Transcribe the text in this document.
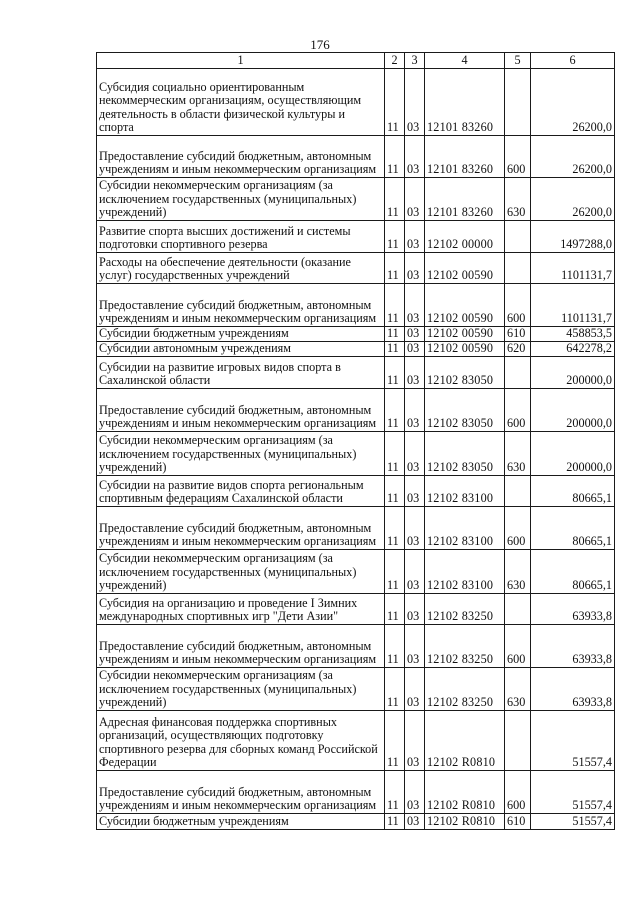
176
1	2	3	4	5	6
Субсидия социально ориентированным некоммерческим организациям, осуществляющим деятельность в области физической культуры и спорта	11	03	12101 83260		26200,0
Предоставление субсидий бюджетным, автономным учреждениям и иным некоммерческим организациям	11	03	12101 83260	600	26200,0
Субсидии некоммерческим организациям (за исключением государственных (муниципальных) учреждений)	11	03	12101 83260	630	26200,0
Развитие спорта высших достижений и системы подготовки спортивного резерва	11	03	12102 00000		1497288,0
Расходы на обеспечение деятельности (оказание услуг) государственных учреждений	11	03	12102 00590		1101131,7
Предоставление субсидий бюджетным, автономным учреждениям и иным некоммерческим организациям	11	03	12102 00590	600	1101131,7
Субсидии бюджетным учреждениям	11	03	12102 00590	610	458853,5
Субсидии автономным учреждениям	11	03	12102 00590	620	642278,2
Субсидии на развитие игровых видов спорта в Сахалинской области	11	03	12102 83050		200000,0
Предоставление субсидий бюджетным, автономным учреждениям и иным некоммерческим организациям	11	03	12102 83050	600	200000,0
Субсидии некоммерческим организациям (за исключением государственных (муниципальных) учреждений)	11	03	12102 83050	630	200000,0
Субсидии на развитие видов спорта региональным спортивным федерациям Сахалинской области	11	03	12102 83100		80665,1
Предоставление субсидий бюджетным, автономным учреждениям и иным некоммерческим организациям	11	03	12102 83100	600	80665,1
Субсидии некоммерческим организациям (за исключением государственных (муниципальных) учреждений)	11	03	12102 83100	630	80665,1
Субсидия на организацию и проведение I Зимних международных спортивных игр "Дети Азии"	11	03	12102 83250		63933,8
Предоставление субсидий бюджетным, автономным учреждениям и иным некоммерческим организациям	11	03	12102 83250	600	63933,8
Субсидии некоммерческим организациям (за исключением государственных (муниципальных) учреждений)	11	03	12102 83250	630	63933,8
Адресная финансовая поддержка спортивных организаций, осуществляющих подготовку спортивного резерва для сборных команд Российской Федерации	11	03	12102 R0810		51557,4
Предоставление субсидий бюджетным, автономным учреждениям и иным некоммерческим организациям	11	03	12102 R0810	600	51557,4
Субсидии бюджетным учреждениям	11	03	12102 R0810	610	51557,4
